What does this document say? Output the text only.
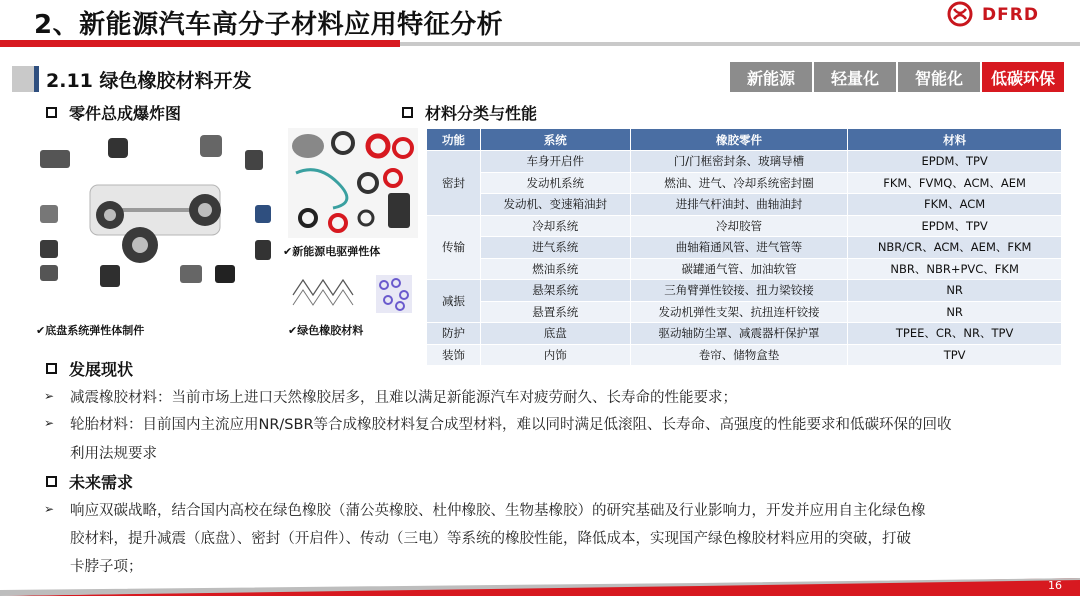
2、新能源汽车高分子材料应用特征分析	DFRD
2.11 绿色橡胶材料开发	新能源	轻量化	智能化	低碳环保
零件总成爆炸图
✔底盘系统弹性体制件
✔新能源电驱弹性体
✔绿色橡胶材料
材料分类与性能
功能	系统	橡胶零件	材料
密封	车身开启件	门/门框密封条、玻璃导槽	EPDM、TPV
	发动机系统	燃油、进气、冷却系统密封圈	FKM、FVMQ、ACM、AEM
	发动机、变速箱油封	进排气杆油封、曲轴油封	FKM、ACM
传输	冷却系统	冷却胶管	EPDM、TPV
	进气系统	曲轴箱通风管、进气管等	NBR/CR、ACM、AEM、FKM
	燃油系统	碳罐通气管、加油软管	NBR、NBR+PVC、FKM
减振	悬架系统	三角臂弹性铰接、扭力梁铰接	NR
	悬置系统	发动机弹性支架、抗扭连杆铰接	NR
防护	底盘	驱动轴防尘罩、减震器杆保护罩	TPEE、CR、NR、TPV
装饰	内饰	卷帘、储物盒垫	TPV
发展现状
➢ 减震橡胶材料：当前市场上进口天然橡胶居多，且难以满足新能源汽车对疲劳耐久、长寿命的性能要求；
➢ 轮胎材料：目前国内主流应用NR/SBR等合成橡胶材料复合成型材料，难以同时满足低滚阻、长寿命、高强度的性能要求和低碳环保的回收
利用法规要求
未来需求
➢ 响应双碳战略，结合国内高校在绿色橡胶（蒲公英橡胶、杜仲橡胶、生物基橡胶）的研究基础及行业影响力，开发并应用自主化绿色橡
胶材料，提升减震（底盘）、密封（开启件）、传动（三电）等系统的橡胶性能，降低成本，实现国产绿色橡胶材料应用的突破，打破
卡脖子项；
16
